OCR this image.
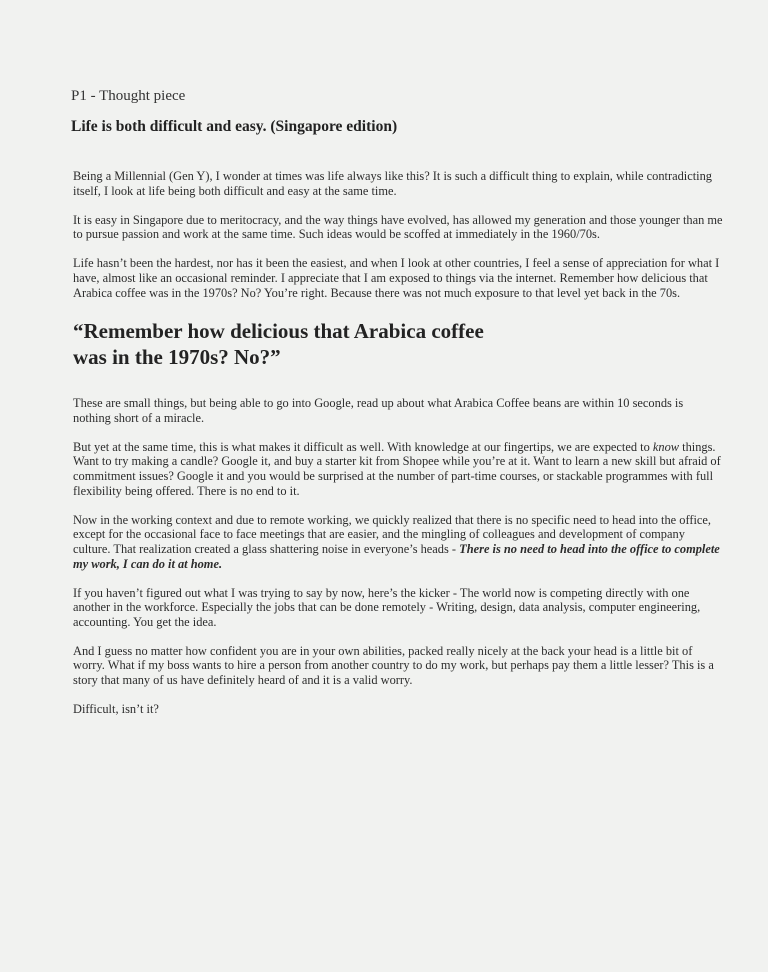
P1 - Thought piece
Life is both difficult and easy. (Singapore edition)

Being a Millennial (Gen Y), I wonder at times was life always like this? It is such a difficult thing to explain, while contradicting itself, I look at life being both difficult and easy at the same time.

It is easy in Singapore due to meritocracy, and the way things have evolved, has allowed my generation and those younger than me to pursue passion and work at the same time. Such ideas would be scoffed at immediately in the 1960/70s.

Life hasn’t been the hardest, nor has it been the easiest, and when I look at other countries, I feel a sense of appreciation for what I have, almost like an occasional reminder. I appreciate that I am exposed to things via the internet. Remember how delicious that Arabica coffee was in the 1970s? No? You’re right. Because there was not much exposure to that level yet back in the 70s.

“Remember how delicious that Arabica coffee was in the 1970s? No?”

These are small things, but being able to go into Google, read up about what Arabica Coffee beans are within 10 seconds is nothing short of a miracle.

But yet at the same time, this is what makes it difficult as well. With knowledge at our fingertips, we are expected to know things. Want to try making a candle? Google it, and buy a starter kit from Shopee while you’re at it. Want to learn a new skill but afraid of commitment issues? Google it and you would be surprised at the number of part-time courses, or stackable programmes with full flexibility being offered. There is no end to it.

Now in the working context and due to remote working, we quickly realized that there is no specific need to head into the office, except for the occasional face to face meetings that are easier, and the mingling of colleagues and development of company culture. That realization created a glass shattering noise in everyone’s heads - There is no need to head into the office to complete my work, I can do it at home.

If you haven’t figured out what I was trying to say by now, here’s the kicker - The world now is competing directly with one another in the workforce. Especially the jobs that can be done remotely - Writing, design, data analysis, computer engineering, accounting. You get the idea.

And I guess no matter how confident you are in your own abilities, packed really nicely at the back your head is a little bit of worry. What if my boss wants to hire a person from another country to do my work, but perhaps pay them a little lesser? This is a story that many of us have definitely heard of and it is a valid worry.

Difficult, isn’t it?
